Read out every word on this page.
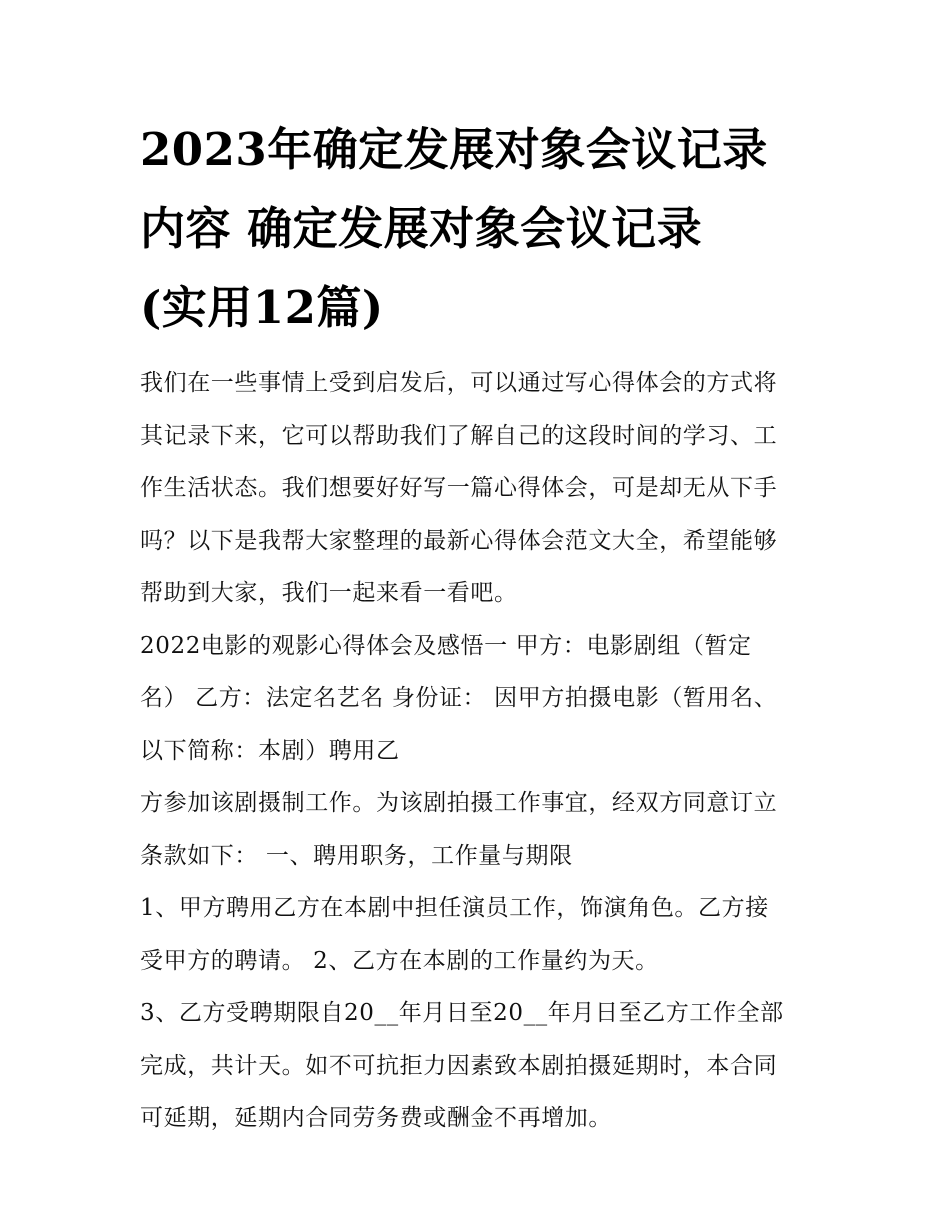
2023年确定发展对象会议记录
内容 确定发展对象会议记录
(实用12篇)

我们在一些事情上受到启发后，可以通过写心得体会的方式将
其记录下来，它可以帮助我们了解自己的这段时间的学习、工
作生活状态。我们想要好好写一篇心得体会，可是却无从下手
吗？以下是我帮大家整理的最新心得体会范文大全，希望能够
帮助到大家，我们一起来看一看吧。

2022电影的观影心得体会及感悟一 甲方：电影剧组（暂定
名） 乙方：法定名艺名 身份证： 因甲方拍摄电影（暂用名、
以下简称：本剧）聘用乙

方参加该剧摄制工作。为该剧拍摄工作事宜，经双方同意订立
条款如下： 一、聘用职务，工作量与期限

1、甲方聘用乙方在本剧中担任演员工作，饰演角色。乙方接
受甲方的聘请。 2、乙方在本剧的工作量约为天。

3、乙方受聘期限自20__年月日至20__年月日至乙方工作全部
完成，共计天。如不可抗拒力因素致本剧拍摄延期时，本合同
可延期，延期内合同劳务费或酬金不再增加。
